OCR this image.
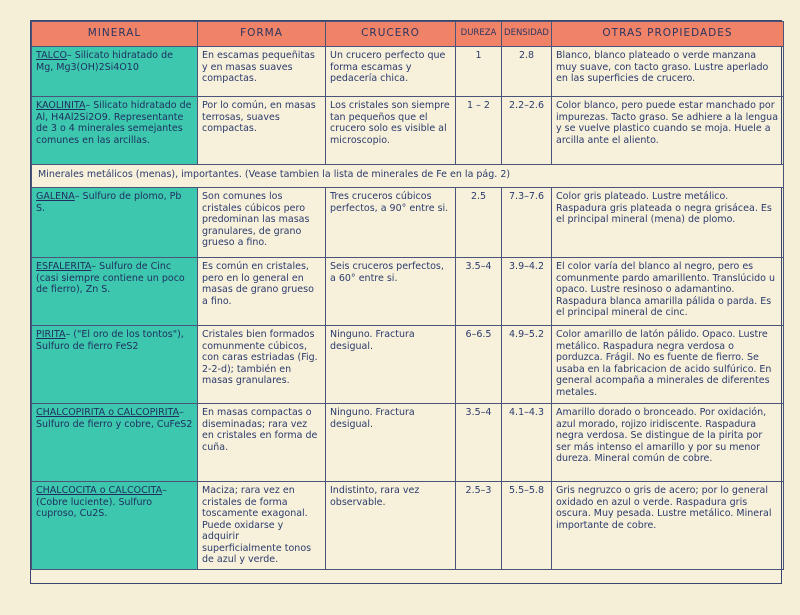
MINERAL	FORMA	CRUCERO	DUREZA	DENSIDAD	OTRAS PROPIEDADES
TALCO– Silicato hidratado de Mg, Mg3(OH)2Si4O10	En escamas pequeñitas y en masas suaves compactas.	Un crucero perfecto que forma escamas y pedacería chica.	1	2.8	Blanco, blanco plateado o verde manzana muy suave, con tacto graso. Lustre aperlado en las superficies de crucero.
KAOLINITA– Silicato hidratado de Al, H4Al2Si2O9. Representante de 3 o 4 minerales semejantes comunes en las arcillas.	Por lo común, en masas terrosas, suaves compactas.	Los cristales son siempre tan pequeños que el crucero solo es visible al microscopio.	1 – 2	2.2–2.6	Color blanco, pero puede estar manchado por impurezas. Tacto graso. Se adhiere a la lengua y se vuelve plastico cuando se moja. Huele a arcilla ante el aliento.
Minerales metálicos (menas), importantes. (Vease tambien la lista de minerales de Fe en la pág. 2)					
GALENA– Sulfuro de plomo, Pb S.	Son comunes los cristales cúbicos pero predominan las masas granulares, de grano grueso a fino.	Tres cruceros cúbicos perfectos, a 90° entre si.	2.5	7.3–7.6	Color gris plateado. Lustre metálico. Raspadura gris plateada o negra grisácea. Es el principal mineral (mena) de plomo.
ESFALERITA– Sulfuro de Cinc (casi siempre contiene un poco de fierro), Zn S.	Es común en cristales, pero en lo general en masas de grano grueso a fino.	Seis cruceros perfectos, a 60° entre si.	3.5–4	3.9–4.2	El color varía del blanco al negro, pero es comunmente pardo amarillento. Translúcido u opaco. Lustre resinoso o adamantino. Raspadura blanca amarilla pálida o parda. Es el principal mineral de cinc.
PIRITA– ("El oro de los tontos"), Sulfuro de fierro FeS2	Cristales bien formados comunmente cúbicos, con caras estriadas (Fig. 2-2-d); también en masas granulares.	Ninguno. Fractura desigual.	6–6.5	4.9–5.2	Color amarillo de latón pálido. Opaco. Lustre metálico. Raspadura negra verdosa o porduzca. Frágil. No es fuente de fierro. Se usaba en la fabricacion de acido sulfúrico. En general acompaña a minerales de diferentes metales.
CHALCOPIRITA o CALCOPIRITA– Sulfuro de fierro y cobre, CuFeS2	En masas compactas o diseminadas; rara vez en cristales en forma de cuña.	Ninguno. Fractura desigual.	3.5–4	4.1–4.3	Amarillo dorado o bronceado. Por oxidación, azul morado, rojizo iridiscente. Raspadura negra verdosa. Se distingue de la pirita por ser más intenso el amarillo y por su menor dureza. Mineral común de cobre.
CHALCOCITA o CALCOCITA– (Cobre luciente). Sulfuro cuproso, Cu2S.	Maciza; rara vez en cristales de forma toscamente exagonal. Puede oxidarse y adquirir superficialmente tonos de azul y verde.	Indistinto, rara vez observable.	2.5–3	5.5–5.8	Gris negruzco o gris de acero; por lo general oxidado en azul o verde. Raspadura gris oscura. Muy pesada. Lustre metálico. Mineral importante de cobre.
